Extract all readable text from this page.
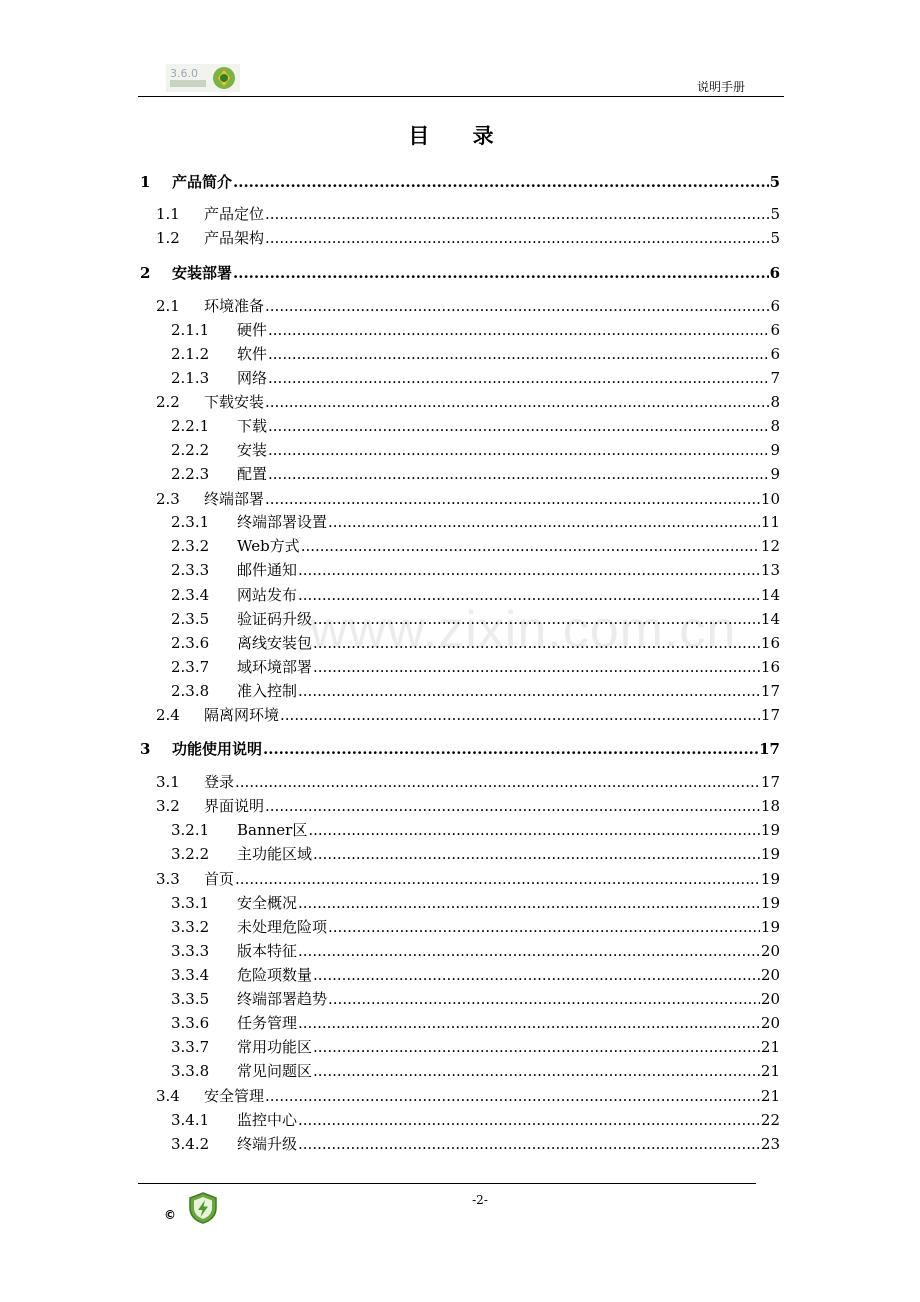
3.6.0
说明手册
目 录
www.zixin.com.cn
1	产品简介 .....	5
1.1	产品定位 .....	5
1.2	产品架构 .....	5
2	安装部署 .....	6
2.1	环境准备 .....	6
2.1.1	硬件 .....	6
2.1.2	软件 .....	6
2.1.3	网络 .....	7
2.2	下载安装 .....	8
2.2.1	下载 .....	8
2.2.2	安装 .....	9
2.2.3	配置 .....	9
2.3	终端部署 .....	10
2.3.1	终端部署设置 .....	11
2.3.2	Web方式 .....	12
2.3.3	邮件通知 .....	13
2.3.4	网站发布 .....	14
2.3.5	验证码升级 .....	14
2.3.6	离线安装包 .....	16
2.3.7	域环境部署 .....	16
2.3.8	准入控制 .....	17
2.4	隔离网环境 .....	17
3	功能使用说明 .....	17
3.1	登录 .....	17
3.2	界面说明 .....	18
3.2.1	Banner区 .....	19
3.2.2	主功能区域 .....	19
3.3	首页 .....	19
3.3.1	安全概况 .....	19
3.3.2	未处理危险项 .....	19
3.3.3	版本特征 .....	20
3.3.4	危险项数量 .....	20
3.3.5	终端部署趋势 .....	20
3.3.6	任务管理 .....	20
3.3.7	常用功能区 .....	21
3.3.8	常见问题区 .....	21
3.4	安全管理 .....	21
3.4.1	监控中心 .....	22
3.4.2	终端升级 .....	23
-2-
©
